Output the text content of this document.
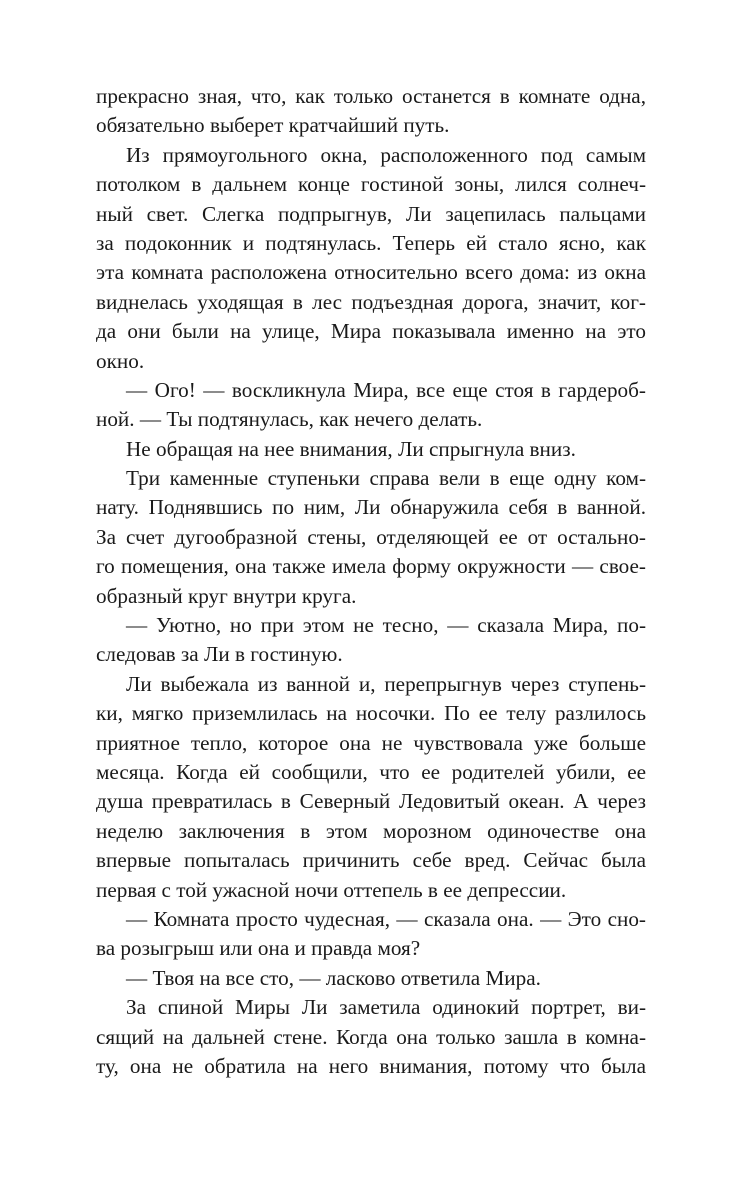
прекрасно зная, что, как только останется в комнате одна,
обязательно выберет кратчайший путь.
Из прямоугольного окна, расположенного под самым
потолком в дальнем конце гостиной зоны, лился солнеч-
ный свет. Слегка подпрыгнув, Ли зацепилась пальцами
за подоконник и подтянулась. Теперь ей стало ясно, как
эта комната расположена относительно всего дома: из окна
виднелась уходящая в лес подъездная дорога, значит, ког-
да они были на улице, Мира показывала именно на это
окно.
— Ого! — воскликнула Мира, все еще стоя в гардероб-
ной. — Ты подтянулась, как нечего делать.
Не обращая на нее внимания, Ли спрыгнула вниз.
Три каменные ступеньки справа вели в еще одну ком-
нату. Поднявшись по ним, Ли обнаружила себя в ванной.
За счет дугообразной стены, отделяющей ее от остально-
го помещения, она также имела форму окружности — свое-
образный круг внутри круга.
— Уютно, но при этом не тесно, — сказала Мира, по-
следовав за Ли в гостиную.
Ли выбежала из ванной и, перепрыгнув через ступень-
ки, мягко приземлилась на носочки. По ее телу разлилось
приятное тепло, которое она не чувствовала уже больше
месяца. Когда ей сообщили, что ее родителей убили, ее
душа превратилась в Северный Ледовитый океан. А через
неделю заключения в этом морозном одиночестве она
впервые попыталась причинить себе вред. Сейчас была
первая с той ужасной ночи оттепель в ее депрессии.
— Комната просто чудесная, — сказала она. — Это сно-
ва розыгрыш или она и правда моя?
— Твоя на все сто, — ласково ответила Мира.
За спиной Миры Ли заметила одинокий портрет, ви-
сящий на дальней стене. Когда она только зашла в комна-
ту, она не обратила на него внимания, потому что была
